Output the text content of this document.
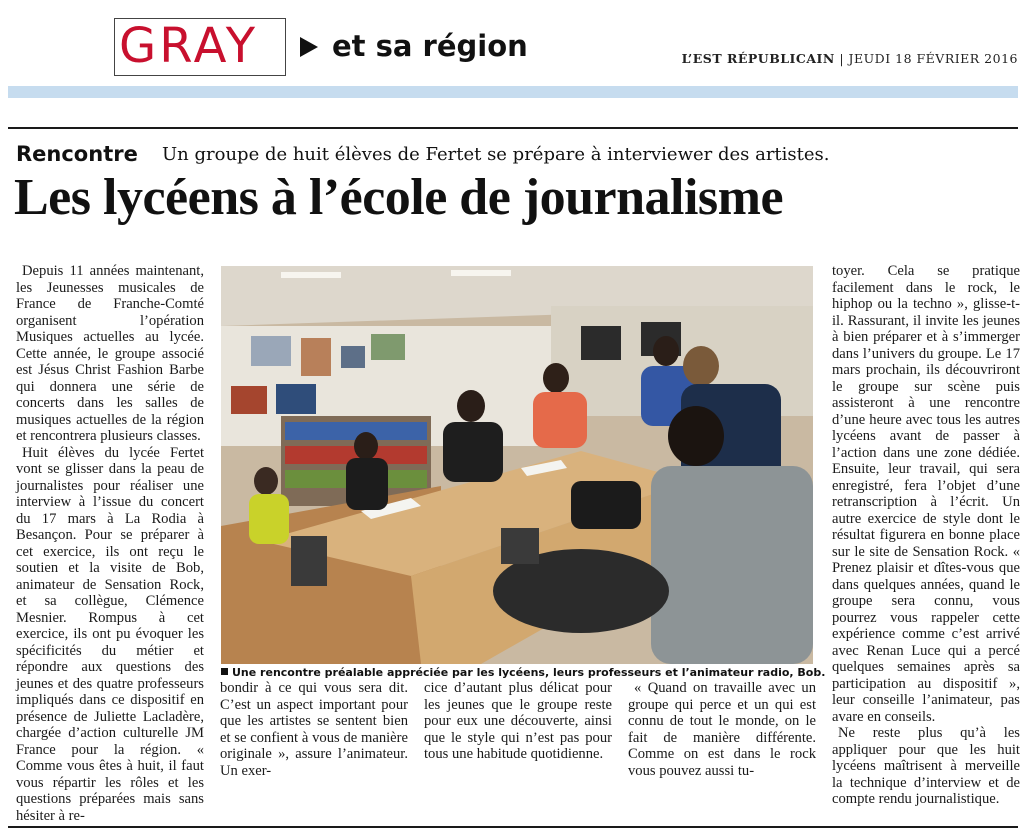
GRAY	et sa région	L’EST RÉPUBLICAIN | JEUDI 18 FÉVRIER 2016
Rencontre Un groupe de huit élèves de Fertet se prépare à interviewer des artistes.
Les lycéens à l’école de journalisme

Depuis 11 années maintenant, les Jeunesses musicales de France de Franche-Comté organisent l’opération Musiques actuelles au lycée. Cette année, le groupe associé est Jésus Christ Fashion Barbe qui donnera une série de concerts dans les salles de musiques actuelles de la région et rencontrera plusieurs classes.

Huit élèves du lycée Fertet vont se glisser dans la peau de journalistes pour réaliser une interview à l’issue du concert du 17 mars à La Rodia à Besançon. Pour se préparer à cet exercice, ils ont reçu le soutien et la visite de Bob, animateur de Sensation Rock, et sa collègue, Clémence Mesnier. Rompus à cet exercice, ils ont pu évoquer les spécificités du métier et répondre aux questions des jeunes et des quatre professeurs impliqués dans ce dispositif en présence de Juliette Lacladère, chargée d’action culturelle JM France pour la région. « Comme vous êtes à huit, il faut vous répartir les rôles et les questions préparées mais sans hésiter à re-

Une rencontre préalable appréciée par les lycéens, leurs professeurs et l’animateur radio, Bob.

bondir à ce qui vous sera dit. C’est un aspect important pour que les artistes se sentent bien et se confient à vous de manière originale », assure l’animateur. Un exer-

cice d’autant plus délicat pour les jeunes que le groupe reste pour eux une découverte, ainsi que le style qui n’est pas pour tous une habitude quotidienne.

« Quand on travaille avec un groupe qui perce et un qui est connu de tout le monde, on le fait de manière différente. Comme on est dans le rock vous pouvez aussi tu-

toyer. Cela se pratique facilement dans le rock, le hiphop ou la techno », glisse-t-il. Rassurant, il invite les jeunes à bien préparer et à s’immerger dans l’univers du groupe. Le 17 mars prochain, ils découvriront le groupe sur scène puis assisteront à une rencontre d’une heure avec tous les autres lycéens avant de passer à l’action dans une zone dédiée. Ensuite, leur travail, qui sera enregistré, fera l’objet d’une retranscription à l’écrit. Un autre exercice de style dont le résultat figurera en bonne place sur le site de Sensation Rock. « Prenez plaisir et dîtes-vous que dans quelques années, quand le groupe sera connu, vous pourrez vous rappeler cette expérience comme c’est arrivé avec Renan Luce qui a percé quelques semaines après sa participation au dispositif », leur conseille l’animateur, pas avare en conseils.

Ne reste plus qu’à les appliquer pour que les huit lycéens maîtrisent à merveille la technique d’interview et de compte rendu journalistique.
